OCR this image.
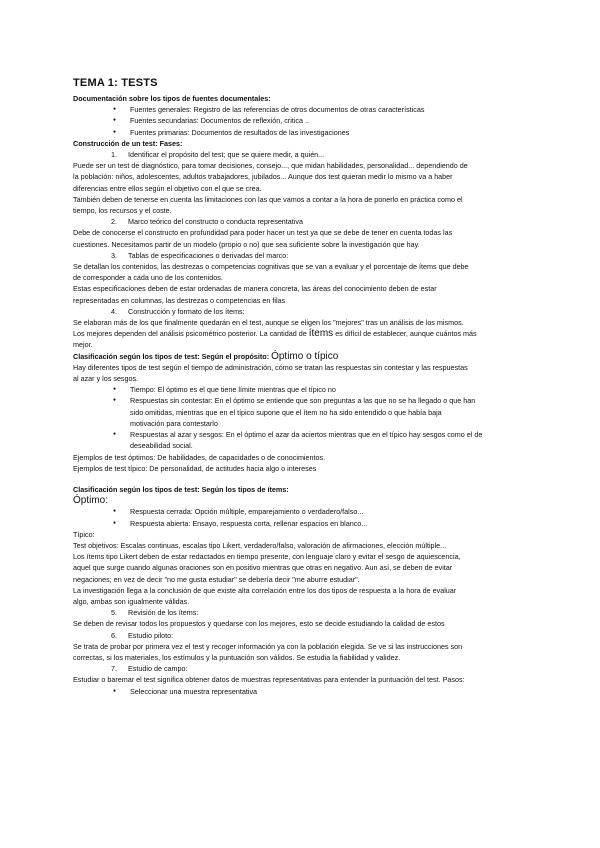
TEMA 1: TESTS

Documentación sobre los tipos de fuentes documentales:

● Fuentes generales: Registro de las referencias de otros documentos de otras características

● Fuentes secundarias: Documentos de reflexión, critica ..

● Fuentes primarias: Documentos de resultados de las investigaciones

Construcción de un test: Fases:

1. Identificar el propósito del test; que se quiere medir, a quién...

Puede ser un test de diagnóstico, para tomar decisiones, consejo..., que midan habilidades, personalidad... dependiendo de

la población: niños, adolescentes, adultos trabajadores, jubilados... Aunque dos test quieran medir lo mismo va a haber

diferencias entre ellos según el objetivo con el que se crea.

También deben de tenerse en cuenta las limitaciones con las que vamos a contar a la hora de ponerlo en práctica como el

tiempo, los recursos y el coste.

2. Marco teórico del constructo o conducta representativa

Debe de conocerse el constructo en profundidad para poder hacer un test ya que se debe de tener en cuenta todas las

cuestiones. Necesitamos partir de un modelo (propio o no) que sea suficiente sobre la investigación que hay.

3. Tablas de especificaciones o derivadas del marco:

Se detallan los contenidos, las destrezas o competencias cognitivas que se van a evaluar y el porcentaje de ítems que debe

de corresponder a cada uno de los contenidos.

Estas especificaciones deben de estar ordenadas de manera concreta, las áreas del conocimiento deben de estar

representadas en columnas, las destrezas o competencias en filas

4. Construcción y formato de los ítems:

Se elaboran más de los que finalmente quedarán en el test, aunque se eligen los "mejores" tras un análisis de los mismos.

Los mejores dependen del análisis psicométrico posterior. La cantidad de ítems es difícil de establecer, aunque cuántos más

mejor.

Clasificación según los tipos de test: Según el propósito: Óptimo o típico

Hay diferentes tipos de test según el tiempo de administración, cómo se tratan las respuestas sin contestar y las respuestas

al azar y los sesgos.

● Tiempo: El óptimo es el que tiene límite mientras que el típico no

● Respuestas sin contestar: En el óptimo se entiende que son preguntas a las que no se ha llegado o que han

sido omitidas, mientras que en el típico supone que el ítem no ha sido entendido o que había baja

motivación para contestarlo

● Respuestas al azar y sesgos: En el óptimo el azar da aciertos mientras que en el típico hay sesgos como el de

deseabilidad social.

Ejemplos de test óptimos: De habilidades, de capacidades o de conocimientos.

Ejemplos de test típico: De personalidad, de actitudes hacia algo o intereses

Clasificación según los tipos de test: Según los tipos de ítems:

Óptimo:

● Respuesta cerrada: Opción múltiple, emparejamiento o verdadero/falso...

● Respuesta abierta: Ensayo, respuesta corta, rellenar espacios en blanco...

Típico:

Test objetivos: Escalas continuas, escalas tipo Likert, verdadero/falso, valoración de afirmaciones, elección múltiple...

Los ítems tipo Likert deben de estar redactados en tiempo presente, con lenguaje claro y evitar el sesgo de aquiescencia,

aquel que surge cuando algunas oraciones son en positivo mientras que otras en negativo. Aun así, se deben de evitar

negaciones; en vez de decir "no me gusta estudiar" se debería decir "me aburre estudiar".

La investigación llega a la conclusión de que existe alta correlación entre los dos tipos de respuesta a la hora de evaluar

algo, ambas son igualmente válidas.

5. Revisión de los ítems:

Se deben de revisar todos los propuestos y quedarse con los mejores, esto se decide estudiando la calidad de estos

6. Estudio piloto:

Se trata de probar por primera vez el test y recoger información ya con la población elegida. Se ve si las instrucciones son

correctas, si los materiales, los estímulos y la puntuación son válidos. Se estudia la fiabilidad y validez.

7. Estudio de campo:

Estudiar o baremar el test significa obtener datos de muestras representativas para entender la puntuación del test. Pasos:

● Seleccionar una muestra representativa
